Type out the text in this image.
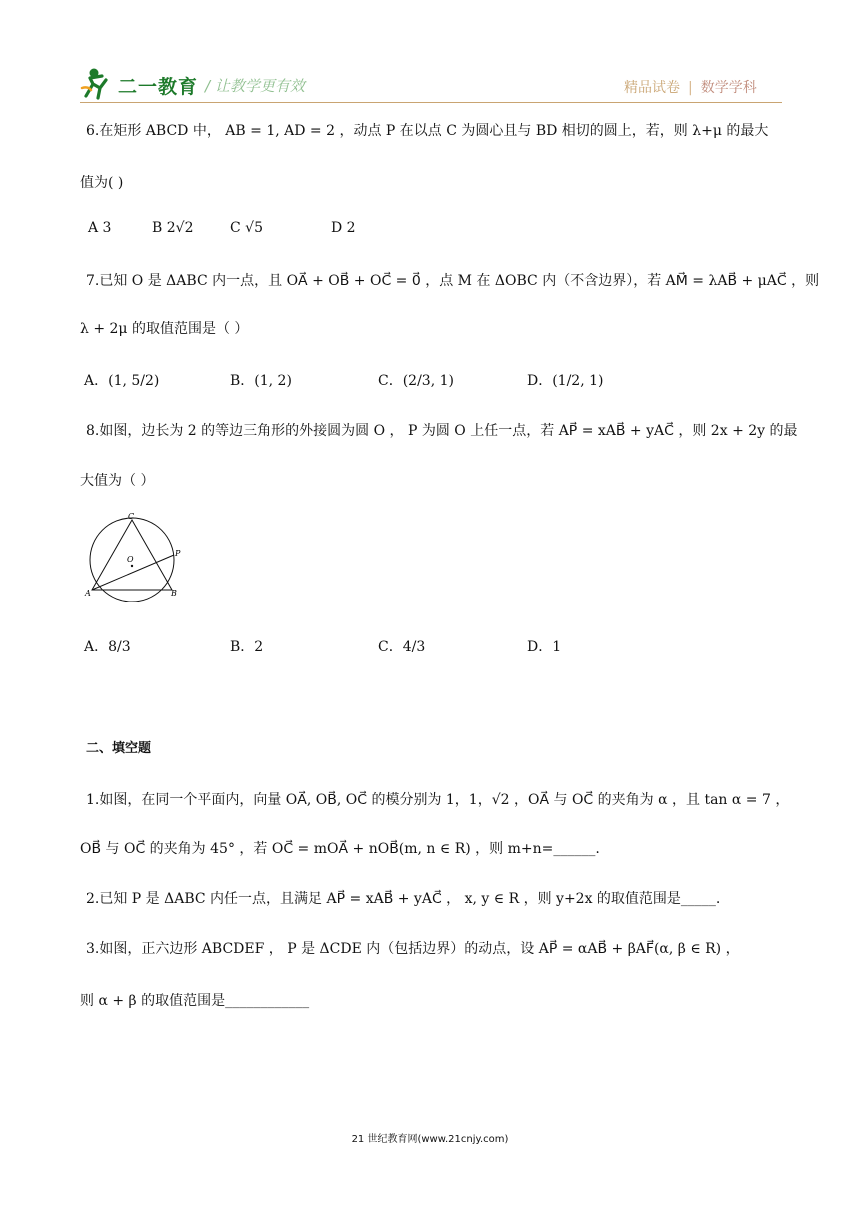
二一教育 / 让教学更有效	精品试卷 | 数学学科
6.在矩形 ABCD 中， AB = 1, AD = 2 ，动点 P 在以点 C 为圆心且与 BD 相切的圆上，若，则 λ+μ 的最大
值为( )
A 3	B 2√2	C √5	D 2
7.已知 O 是 ΔABC 内一点，且 OA⃗ + OB⃗ + OC⃗ = 0⃗ ，点 M 在 ΔOBC 内（不含边界），若 AM⃗ = λAB⃗ + μAC⃗ ，则
λ + 2μ 的取值范围是（ ）
A．(1, 5/2)	B．(1, 2)	C．(2/3, 1)	D．(1/2, 1)
8.如图，边长为 2 的等边三角形的外接圆为圆 O ， P 为圆 O 上任一点，若 AP⃗ = xAB⃗ + yAC⃗ ，则 2x + 2y 的最
大值为（ ）
C
O
P
A	B
A．8/3	B．2	C．4/3	D．1
二、填空题
1.如图，在同一个平面内，向量 OA⃗, OB⃗, OC⃗ 的模分别为 1，1，√2 ，OA⃗ 与 OC⃗ 的夹角为 α ，且 tan α = 7 ，
OB⃗ 与 OC⃗ 的夹角为 45° ，若 OC⃗ = mOA⃗ + nOB⃗(m, n ∈ R) ，则 m+n=______.
2.已知 P 是 ΔABC 内任一点，且满足 AP⃗ = xAB⃗ + yAC⃗ ， x, y ∈ R ，则 y+2x 的取值范围是_____.
3.如图，正六边形 ABCDEF ， P 是 ΔCDE 内（包括边界）的动点，设 AP⃗ = αAB⃗ + βAF⃗(α, β ∈ R) ，
则 α + β 的取值范围是____________
21 世纪教育网(www.21cnjy.com)
